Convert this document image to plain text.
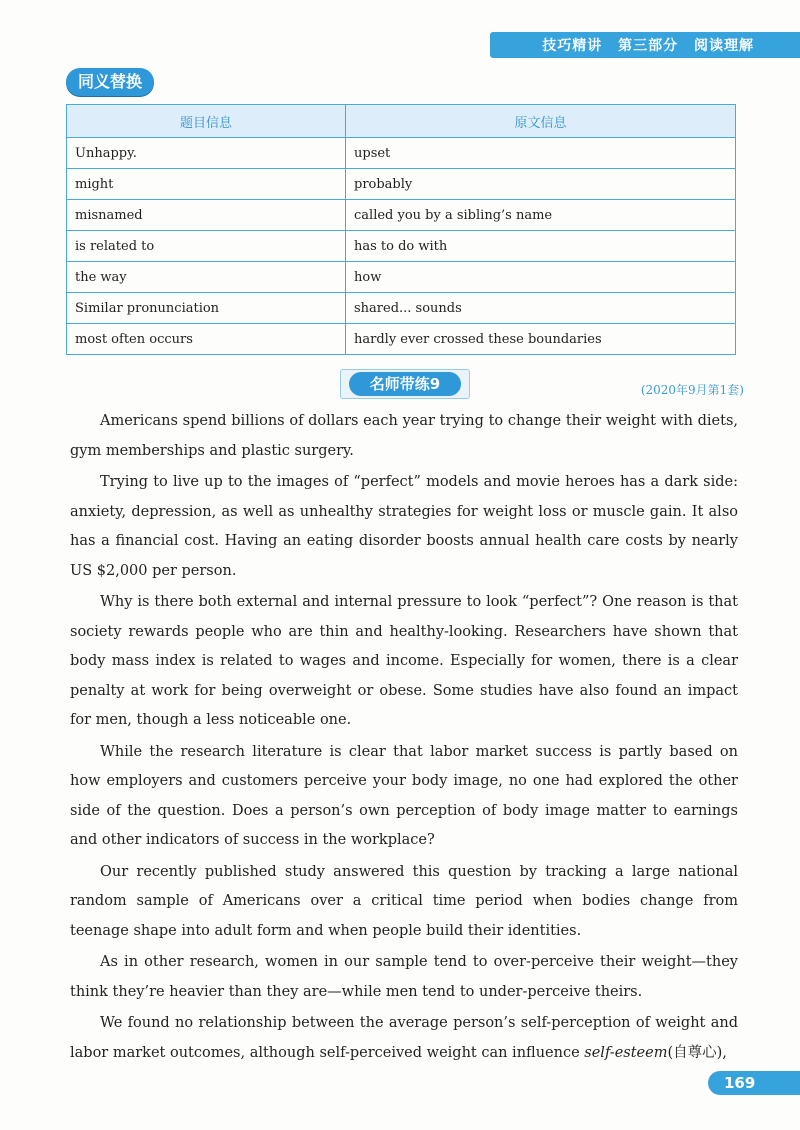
技巧精讲 第三部分 阅读理解
同义替换
题目信息	原文信息
Unhappy.	upset
might	probably
misnamed	called you by a sibling’s name
is related to	has to do with
the way	how
Similar pronunciation	shared... sounds
most often occurs	hardly ever crossed these boundaries
名师带练9	(2020年9月第1套)

Americans spend billions of dollars each year trying to change their weight with diets, gym memberships and plastic surgery.

Trying to live up to the images of “perfect” models and movie heroes has a dark side: anxiety, depression, as well as unhealthy strategies for weight loss or muscle gain. It also has a financial cost. Having an eating disorder boosts annual health care costs by nearly US $2,000 per person.

Why is there both external and internal pressure to look “perfect”? One reason is that society rewards people who are thin and healthy-looking. Researchers have shown that body mass index is related to wages and income. Especially for women, there is a clear penalty at work for being overweight or obese. Some studies have also found an impact for men, though a less noticeable one.

While the research literature is clear that labor market success is partly based on how employers and customers perceive your body image, no one had explored the other side of the question. Does a person’s own perception of body image matter to earnings and other indicators of success in the workplace?

Our recently published study answered this question by tracking a large national random sample of Americans over a critical time period when bodies change from teenage shape into adult form and when people build their identities.

As in other research, women in our sample tend to over-perceive their weight—they think they’re heavier than they are—while men tend to under-perceive theirs.

We found no relationship between the average person’s self-perception of weight and labor market outcomes, although self-perceived weight can influence self-esteem(自尊心),

169
